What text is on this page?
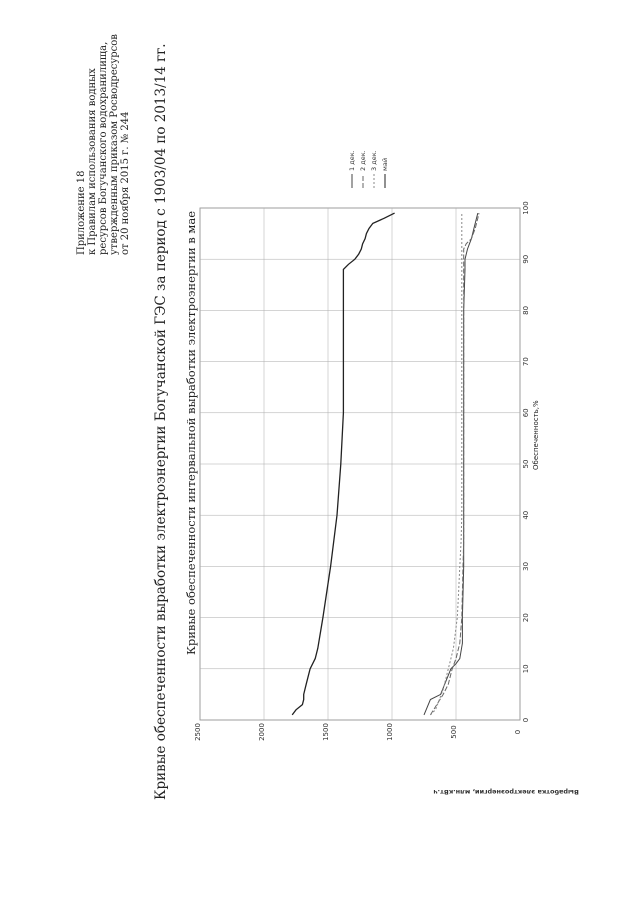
Приложение 18 к Правилам использования водных ресурсов Богучанского водохранилища, утвержденным приказом Росводресурсов от 20 ноября 2015 г. № 244 Кривые обеспеченности выработки электроэнергии Богучанской ГЭС за период с 1903/04 по 2013/14 гг. Кривые обеспеченности интервальной выработки электроэнергии в мае	Обеспеченность,%
0
10
20
30
40
50
60
70
80
90
100
0
500
1000
1500
2000
2500
Выработка электроэнергии, млн.кВт.ч
1 дек. 2 дек. 3 дек. май
